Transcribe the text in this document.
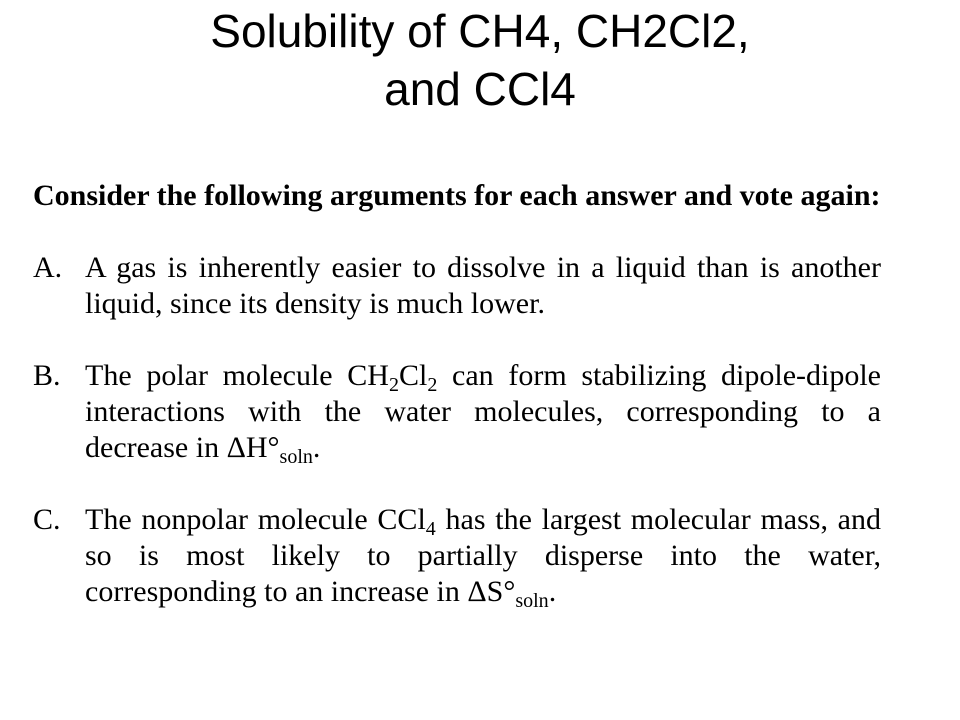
Solubility of CH4, CH2Cl2,
and CCl4
Consider the following arguments for each answer and vote again:
A. A gas is inherently easier to dissolve in a liquid than is another liquid, since its density is much lower.
B. The polar molecule $CH_2Cl_2$ can form stabilizing dipole-dipole interactions with the water molecules, corresponding to a decrease in $\Delta H^\circ_{soln}$.
C. The nonpolar molecule CCl$_4$ has the largest molecular mass, and so is most likely to partially disperse into the water, corresponding to an increase in $\Delta S^\circ_{soln}$.
